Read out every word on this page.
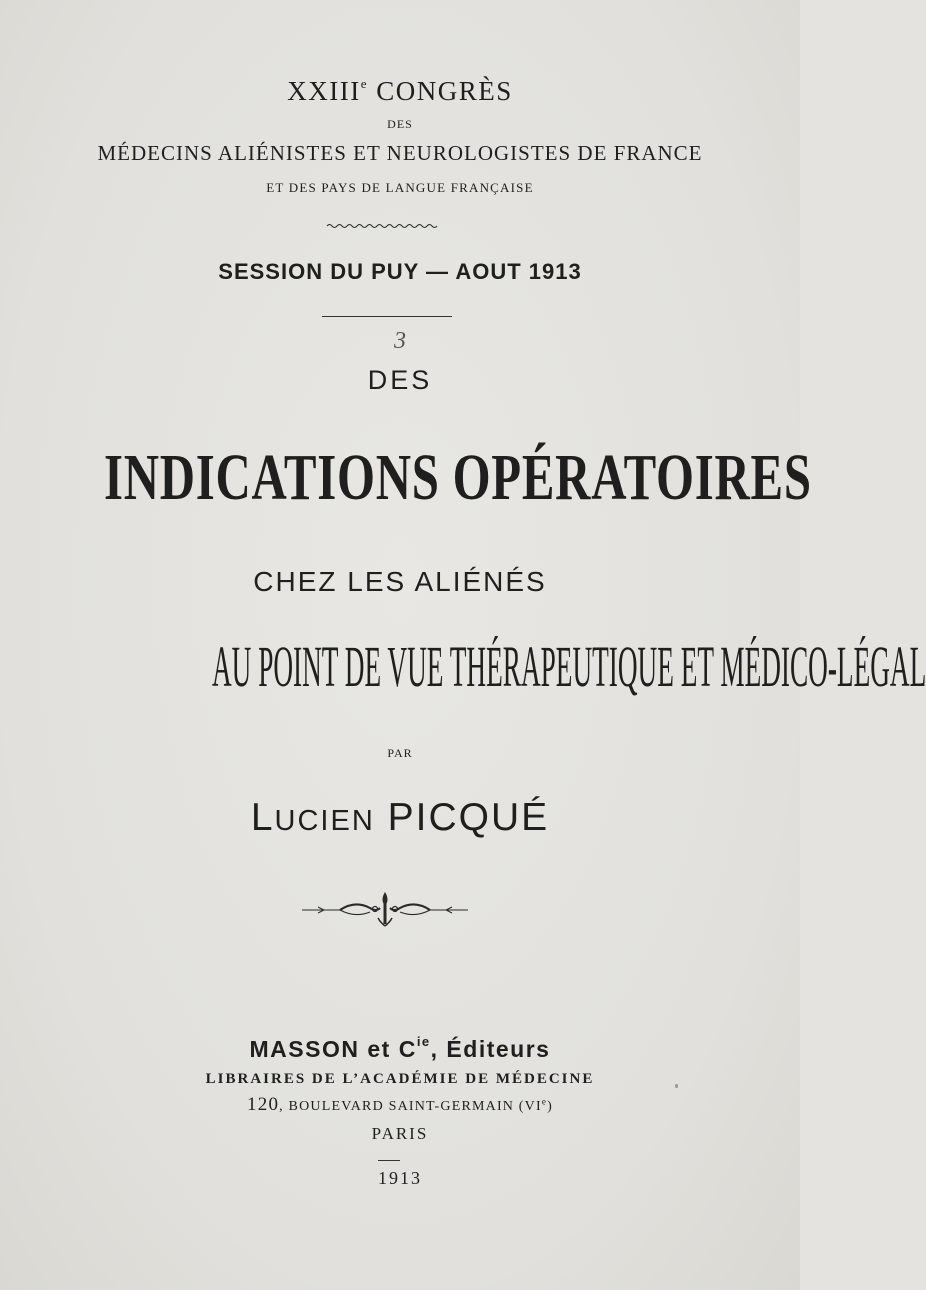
XXIIIe CONGRÈS
DES
MÉDECINS ALIÉNISTES ET NEUROLOGISTES DE FRANCE
ET DES PAYS DE LANGUE FRANÇAISE
SESSION DU PUY — AOUT 1913
3
DES
INDICATIONS OPÉRATOIRES
CHEZ LES ALIÉNÉS
AU POINT DE VUE THÉRAPEUTIQUE ET MÉDICO-LÉGAL
PAR
LUCIEN PICQUÉ
MASSON et $C^{ie}$, Éditeurs
LIBRAIRES DE L’ACADÉMIE DE MÉDECINE
120, BOULEVARD SAINT-GERMAIN (VIe)
PARIS
1913
